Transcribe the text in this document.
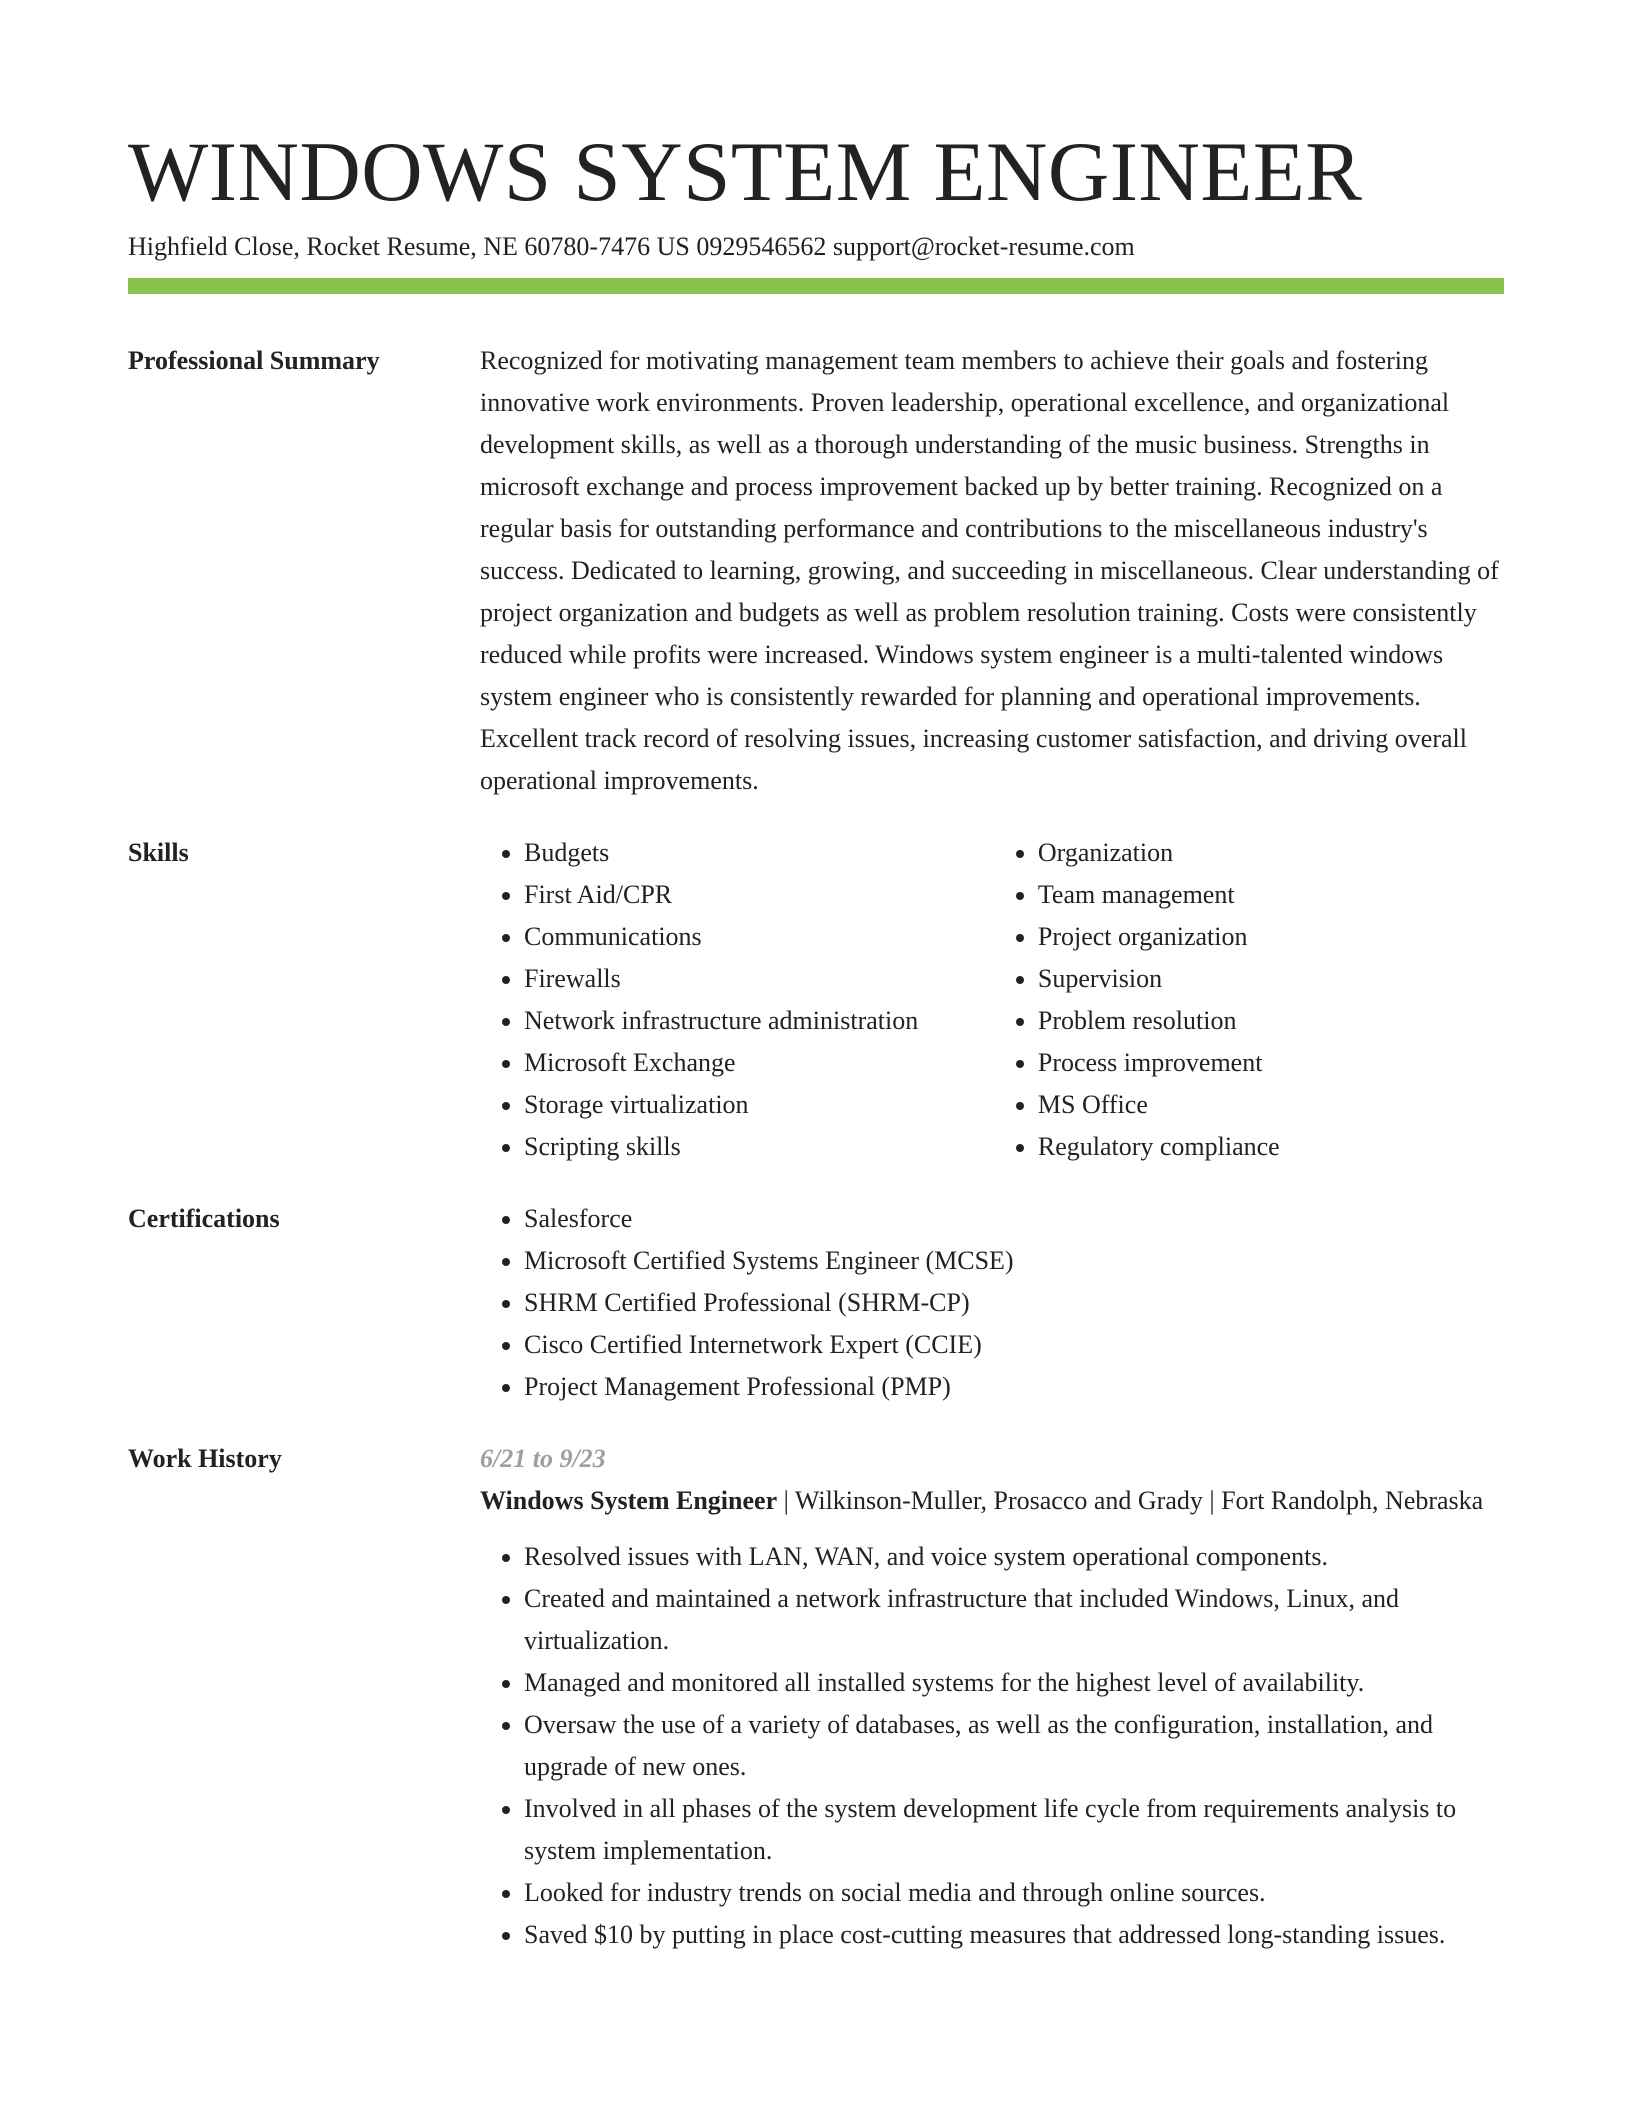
WINDOWS SYSTEM ENGINEER
Highfield Close, Rocket Resume, NE 60780-7476 US 0929546562 support@rocket-resume.com
Professional Summary	Recognized for motivating management team members to achieve their goals and fostering innovative work environments. Proven leadership, operational excellence, and organizational development skills, as well as a thorough understanding of the music business. Strengths in microsoft exchange and process improvement backed up by better training. Recognized on a regular basis for outstanding performance and contributions to the miscellaneous industry's success. Dedicated to learning, growing, and succeeding in miscellaneous. Clear understanding of project organization and budgets as well as problem resolution training. Costs were consistently reduced while profits were increased. Windows system engineer is a multi-talented windows system engineer who is consistently rewarded for planning and operational improvements. Excellent track record of resolving issues, increasing customer satisfaction, and driving overall operational improvements.

Skills	• Budgets
• First Aid/CPR
• Communications
• Firewalls
• Network infrastructure administration
• Microsoft Exchange
• Storage virtualization
• Scripting skills
• Organization
• Team management
• Project organization
• Supervision
• Problem resolution
• Process improvement
• MS Office
• Regulatory compliance
Certifications	• Salesforce
• Microsoft Certified Systems Engineer (MCSE)
• SHRM Certified Professional (SHRM-CP)
• Cisco Certified Internetwork Expert (CCIE)
• Project Management Professional (PMP)
Work History	6/21 to 9/23
Windows System Engineer | Wilkinson-Muller, Prosacco and Grady | Fort Randolph, Nebraska
• Resolved issues with LAN, WAN, and voice system operational components.
• Created and maintained a network infrastructure that included Windows, Linux, and virtualization.
• Managed and monitored all installed systems for the highest level of availability.
• Oversaw the use of a variety of databases, as well as the configuration, installation, and upgrade of new ones.
• Involved in all phases of the system development life cycle from requirements analysis to system implementation.
• Looked for industry trends on social media and through online sources.
• Saved $10 by putting in place cost-cutting measures that addressed long-standing issues.
